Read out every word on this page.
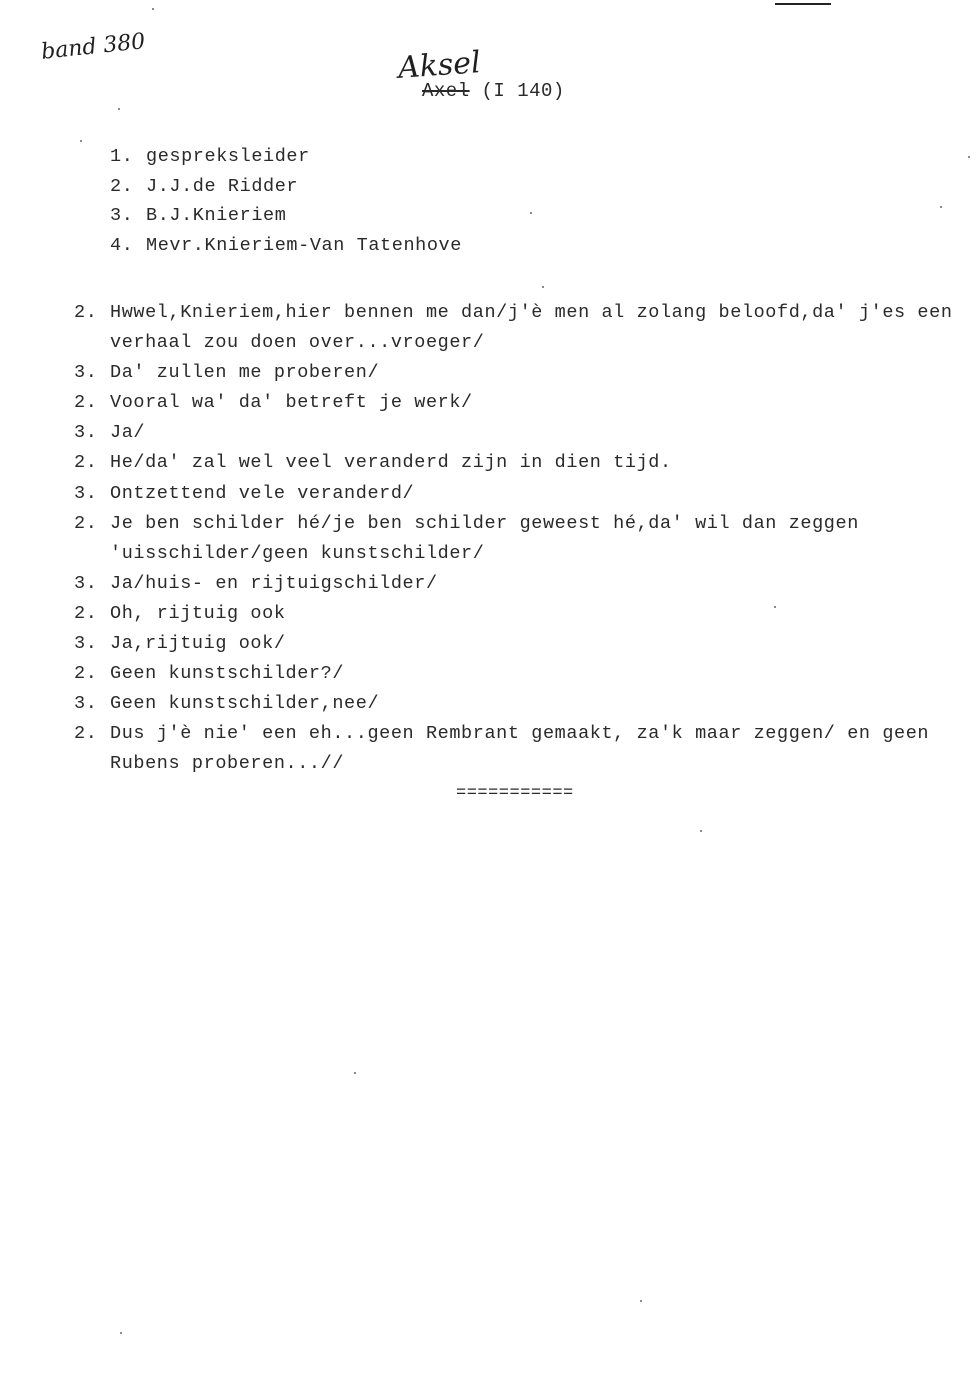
band 380	Aksel
Axel (I 140)
1. gespreksleider
2. J.J.de Ridder
3. B.J.Knieriem
4. Mevr.Knieriem-Van Tatenhove
2. Hwwel,Knieriem,hier bennen me dan/j'è men al zolang beloofd,da' j'es een verhaal zou doen over...vroeger/
3. Da' zullen me proberen/
2. Vooral wa' da' betreft je werk/
3. Ja/
2. He/da' zal wel veel veranderd zijn in dien tijd.
3. Ontzettend vele veranderd/
2. Je ben schilder hé/je ben schilder geweest hé,da' wil dan zeggen 'uisschilder/geen kunstschilder/
3. Ja/huis- en rijtuigschilder/
2. Oh, rijtuig ook
3. Ja,rijtuig ook/
2. Geen kunstschilder?/
3. Geen kunstschilder,nee/
2. Dus j'è nie' een eh...geen Rembrant gemaakt, za'k maar zeggen/ en geen Rubens proberen...//
===========
